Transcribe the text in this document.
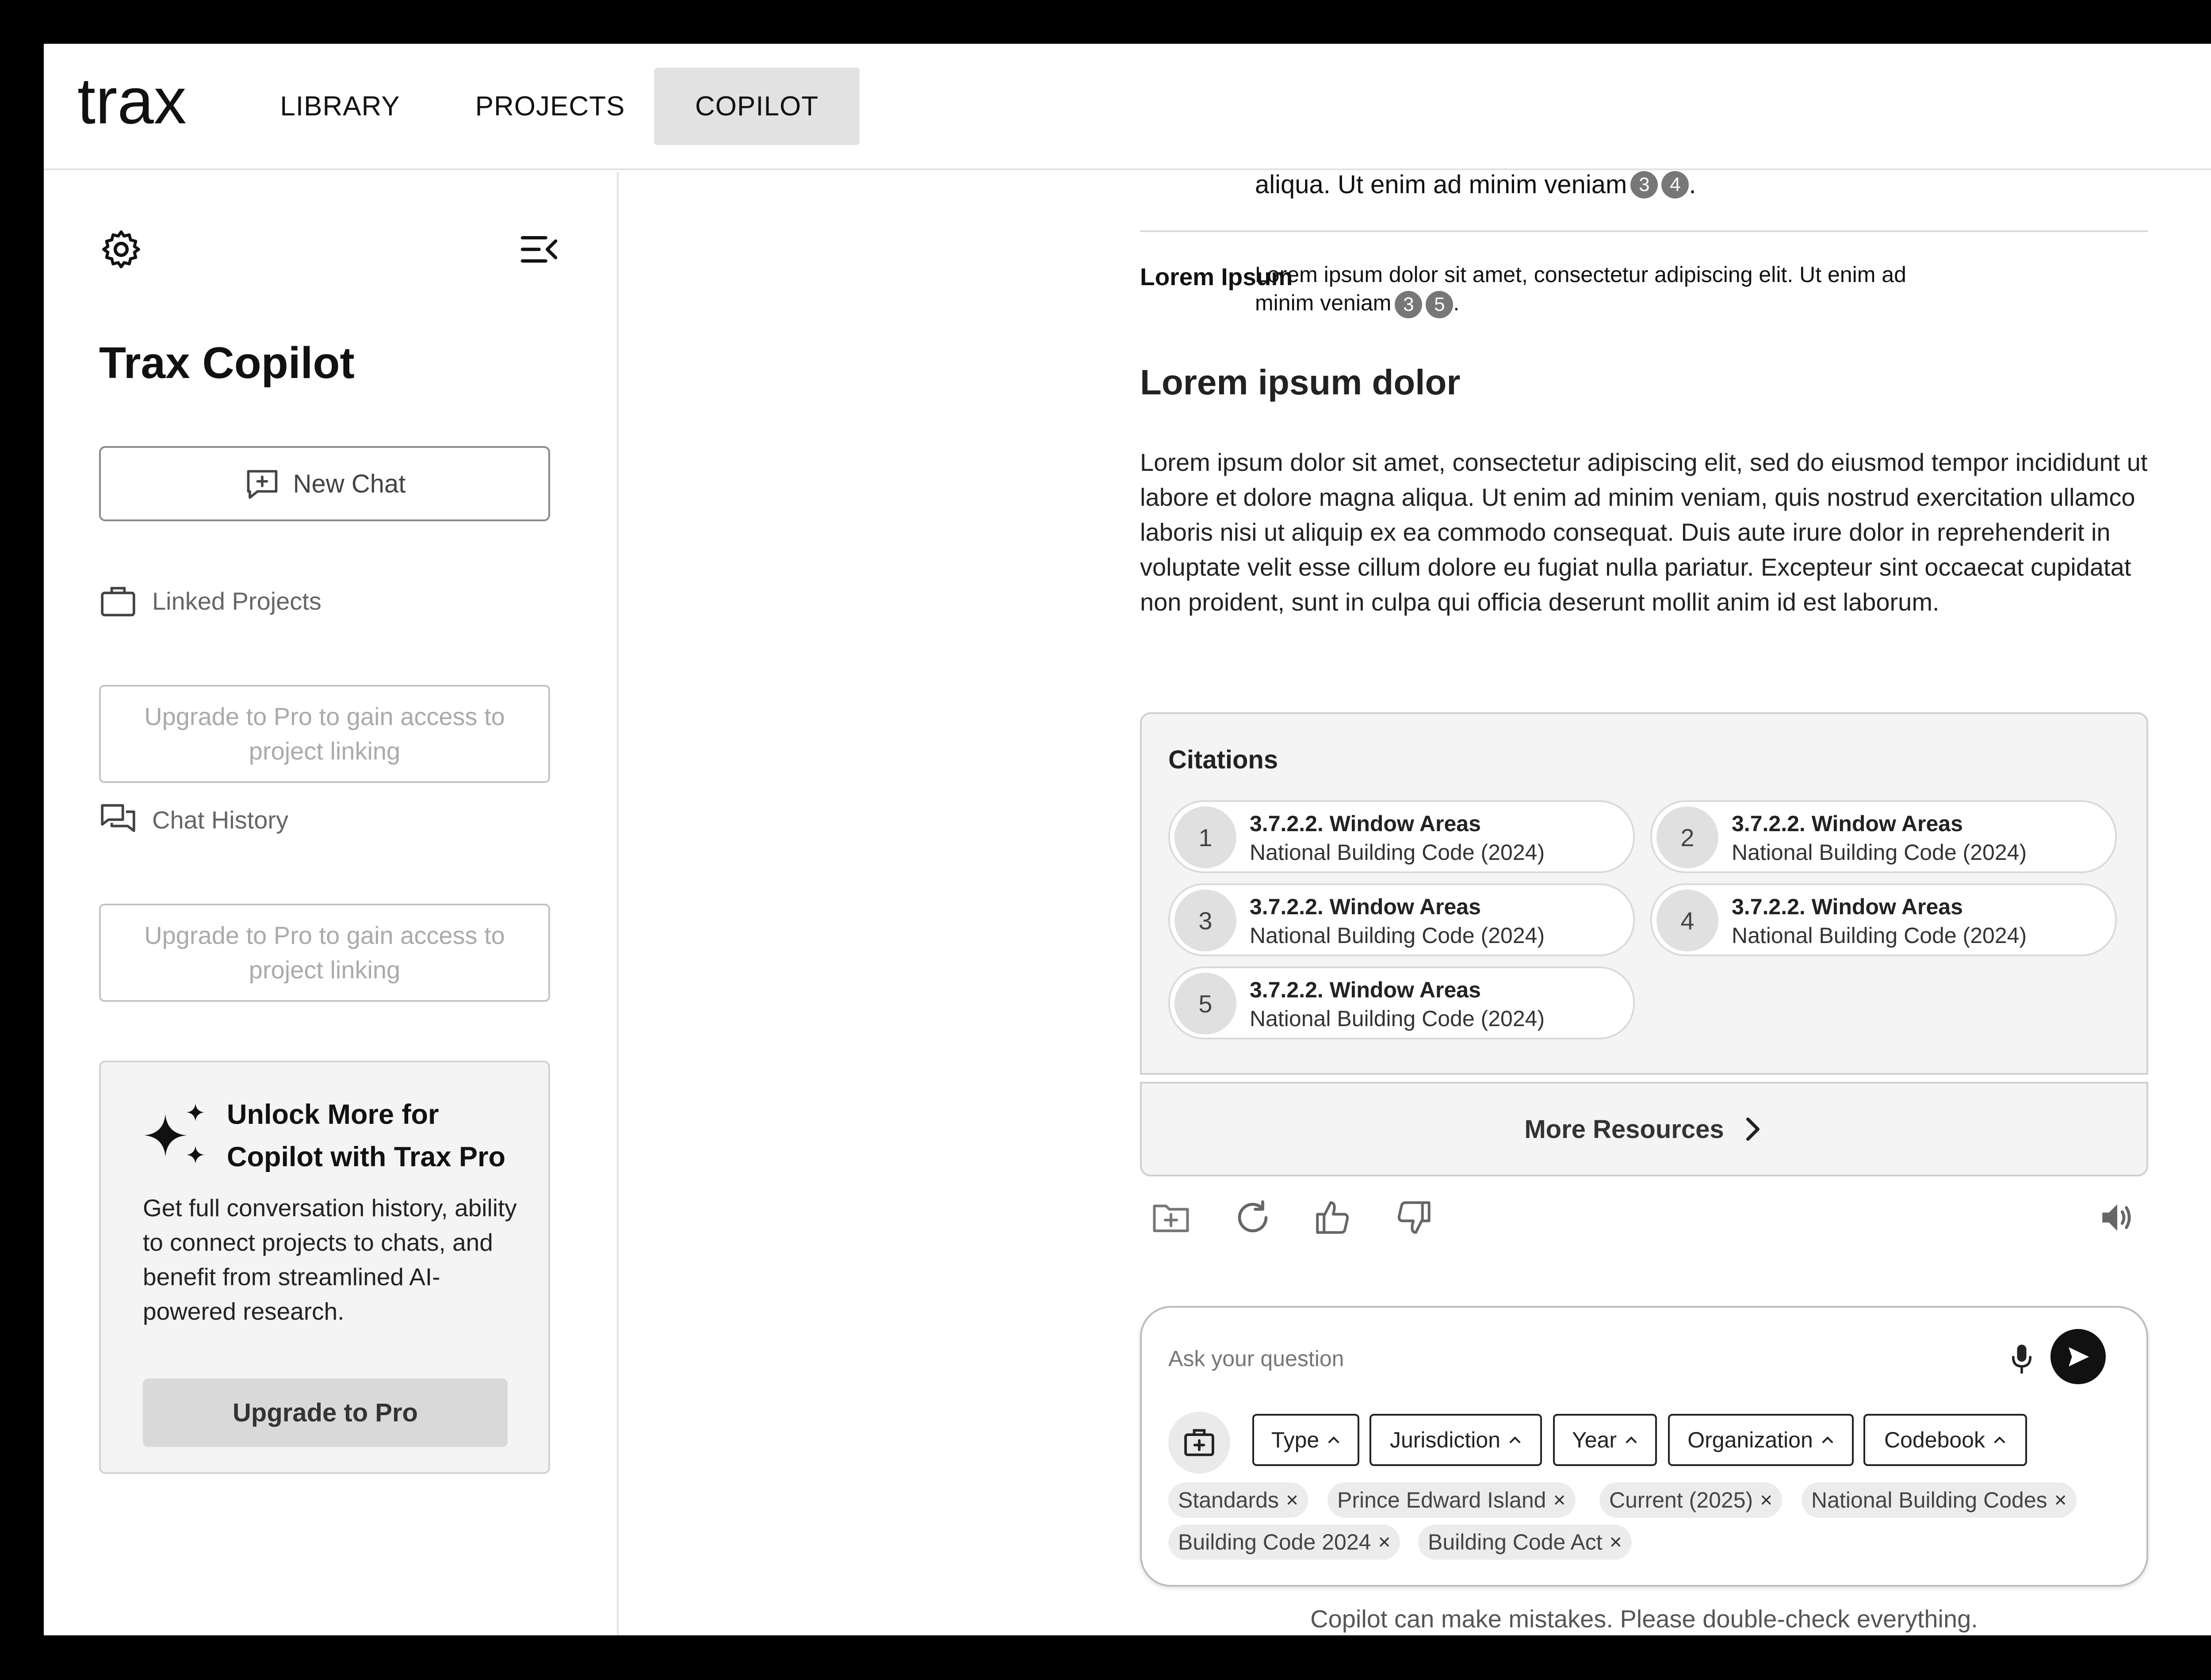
trax	LIBRARY	PROJECTS	COPILOT
Trax Copilot
New Chat
Linked Projects
Upgrade to Pro to gain access to project linking
Chat History
Upgrade to Pro to gain access to project linking
Unlock More for Copilot with Trax Pro
Get full conversation history, ability to connect projects to chats, and benefit from streamlined AI-powered research.
Upgrade to Pro
aliqua. Ut enim ad minim veniam 3	4 .
Lorem Ipsum
Lorem ipsum dolor sit amet, consectetur adipiscing elit. Ut enim ad minim veniam 3 5 .
Lorem ipsum dolor
Lorem ipsum dolor sit amet, consectetur adipiscing elit, sed do eiusmod tempor incididunt ut labore et dolore magna aliqua. Ut enim ad minim veniam, quis nostrud exercitation ullamco laboris nisi ut aliquip ex ea commodo consequat. Duis aute irure dolor in reprehenderit in voluptate velit esse cillum dolore eu fugiat nulla pariatur. Excepteur sint occaecat cupidatat non proident, sunt in culpa qui officia deserunt mollit anim id est laborum.
Citations
1	3.7.2.2. Window Areas
National Building Code (2024)
2	3.7.2.2. Window Areas
National Building Code (2024)
3	3.7.2.2. Window Areas
National Building Code (2024)
4	3.7.2.2. Window Areas
National Building Code (2024)
5	3.7.2.2. Window Areas
National Building Code (2024)
More Resources
Ask your question
Type	Jurisdiction	Year	Organization	Codebook
Standards × Prince Edward Island × Current (2025) × National Building Codes ×
Building Code 2024 × Building Code Act ×
Copilot can make mistakes. Please double-check everything.
